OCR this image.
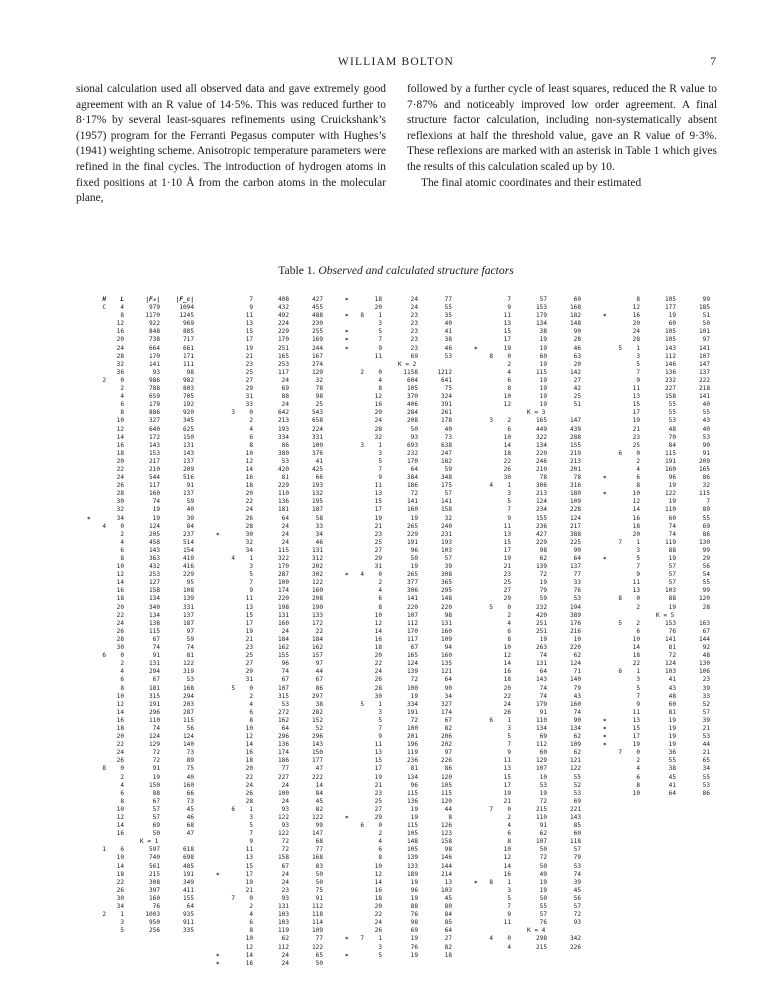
WILLIAM BOLTON	7

sional calculation used all observed data and gave extremely good agreement with an R value of 14·5%. This was reduced further to 8·17% by several least-squares refinements using Cruickshank’s (1957) program for the Ferranti Pegasus computer with Hughes’s (1941) weighting scheme. Anisotropic temperature parameters were refined in the final cycles. The introduction of hydrogen atoms in fixed positions at 1·10 Å from the carbon atoms in the molecular plane,

followed by a further cycle of least squares, reduced the R value to 7·87% and noticeably improved low order agreement. A final structure factor calculation, including non-systematically absent reflexions at half the threshold value, gave an R value of 9·3%. These reflexions are marked with an asterisk in Table 1 which gives the results of this calculation scaled up by 10.

The final atomic coordinates and their estimated

Table 1. Observed and calculated structure factors
H	L	|F₀|	|F_c|
C	4	979	1094
8	1170	1245
12	922	969
16	848	885
20	738	717
24	664	661
28	170	171
32	141	111
36	93	98
2	0	986	982
2	788	803
4	659	705
6	179	192
8	886	920
10	327	345
12	640	625
14	172	150
16	143	131
18	153	143
20	217	137
22	210	209
24	544	516
26	117	91
28	160	137
30	74	59
32	19	40
∗	34	19	30
4	0	124	84
2	205	237
4	458	514
6	143	154
8	363	410
10	432	416
12	253	229
14	127	95
16	158	108
18	134	139
20	340	331
22	134	137
24	138	187
26	115	97
28	67	59
30	74	74
6	0	91	81
2	131	122
4	294	319
6	67	53
8	181	168
10	315	294
12	191	203
14	296	287
16	110	115
18	74	56
20	124	124
22	129	140
24	72	73
26	72	89
8	0	91	75
2	19	40
4	150	160
6	88	66
8	67	73
10	57	45
12	57	46
14	69	68
16	50	47
K = 1
1	6	597	618
10	740	698
14	561	485
18	215	191
22	308	349
26	397	411
30	160	155
34	76	64
2	1	1003	935
3	950	911
5	256	335
7	408	427
9	432	455
11	492	488
13	224	230
15	229	255
17	170	169
19	251	244
21	165	167
23	253	274
25	117	129
27	24	32
29	69	78
31	88	98
33	24	25
3	0	642	543
2	213	658
4	193	224
6	334	331
8	86	100
10	380	376
12	53	41
14	420	425
16	81	66
18	229	193
20	110	132
22	136	195
24	181	187
26	64	58
28	24	33
∗	30	24	34
32	24	46
34	115	131
4	1	322	312
3	170	202
5	287	302
7	100	122
9	174	160
11	220	208
13	198	190
15	131	133
17	160	172
19	24	22
21	184	184
23	162	162
25	155	157
27	96	97
29	74	44
31	67	67
5	0	107	86
2	315	297
4	53	38
6	272	282
8	162	152
10	64	52
12	296	296
14	136	143
16	174	150
18	186	177
20	77	47
22	227	222
24	24	14
26	100	84
28	24	45
6	1	93	82
3	122	122
5	93	99
7	122	147
9	72	68
11	72	77
13	158	168
15	67	83
∗	17	24	50
19	24	50
21	23	75
7	0	93	91
2	131	112
4	103	118
6	103	114
8	119	109
10	62	77
12	112	122
∗	14	24	65
∗	16	24	50
∗	18	24	77
20	24	55
∗	8	1	23	35
3	23	40
∗	5	23	41
∗	7	23	38
∗	9	23	46
11	69	53
K = 2
2	0	1158	1212
4	604	641
8	105	75
12	370	324
16	406	391
20	284	261
24	208	178
28	50	40
32	93	73
3	1	693	638
3	232	247
5	170	182
7	64	59
9	384	348
11	186	175
13	72	57
15	141	141
17	160	158
19	19	32
21	265	240
23	229	231
25	191	193
27	96	103
29	50	57
31	19	39
∗	4	0	265	308
2	377	365
4	306	295
6	141	148
8	220	220
10	107	98
12	112	131
14	170	160
16	117	109
18	67	94
20	165	160
22	124	135
24	139	121
26	72	64
28	100	90
30	19	34
5	1	334	327
3	191	174
5	72	67
7	100	82
9	201	206
11	196	202
13	119	97
15	236	226
17	81	86
19	134	120
21	96	105
23	115	115
25	136	120
27	19	44
∗	29	19	8
6	0	115	126
2	105	123
4	148	158
6	105	98
8	139	146
10	133	144
12	189	214
14	19	13
16	96	103
18	19	45
20	88	80
22	76	84
24	98	85
26	69	64
∗	7	1	19	27
3	76	82
∗	5	19	18
7	57	60
9	153	168
11	179	182
13	134	148
15	38	90
17	19	28
∗	19	19	46
8	0	60	63
2	19	20
4	115	142
6	19	27
8	19	42
10	19	25
12	19	51
K = 3
3	2	165	147
6	449	439
10	322	288
14	134	155
18	220	219
22	246	213
26	210	201
30	78	78
4	1	306	316
3	213	180
5	124	109
7	234	228
9	155	124
11	236	217
13	427	388
15	229	225
17	98	90
19	62	64
21	139	137
23	72	77
25	19	33
27	79	76
29	59	53
5	0	232	194
2	420	389
4	251	176
6	251	216
8	19	10
10	263	220
12	74	62
14	131	124
16	64	71
18	143	140
20	74	79
22	74	43
24	179	160
26	91	74
6	1	110	90
3	134	134
5	69	62
7	112	109
9	60	62
11	129	121
13	107	122
15	10	55
17	53	52
19	19	53
21	72	69
7	0	215	221
2	110	143
4	91	85
6	62	60
8	107	118
10	50	57
12	72	79
14	50	53
16	49	74
∗	8	1	19	39
3	19	45
5	50	56
7	55	57
9	57	72
11	76	93
K = 4
4	0	298	342
4	215	226
8	105	99
12	177	185
∗	16	19	51
20	60	50
24	105	101
28	105	97
5	1	143	141
3	112	107
5	146	147
7	136	137
9	232	222
11	227	218
13	158	141
15	55	40
17	55	55
19	53	43
21	48	40
23	70	53
25	84	90
6	0	115	91
2	191	209
4	160	165
∗	6	96	86
8	19	32
∗	10	122	115
12	19	7
14	110	89
16	60	55
18	74	69
20	74	86
7	1	119	130
3	88	99
∗	5	19	29
7	57	56
9	57	54
11	57	55
13	103	99
8	0	88	120
2	19	28
K = 5
5	2	153	163
6	76	67
10	141	144
14	81	92
18	72	48
22	124	130
6	1	103	106
3	41	23
5	43	39
7	48	33
9	60	52
11	81	57
∗	13	19	39
∗	15	19	21
∗	17	19	53
∗	19	19	44
7	0	36	21
2	55	65
4	38	34
6	45	55
8	41	53
10	64	86
